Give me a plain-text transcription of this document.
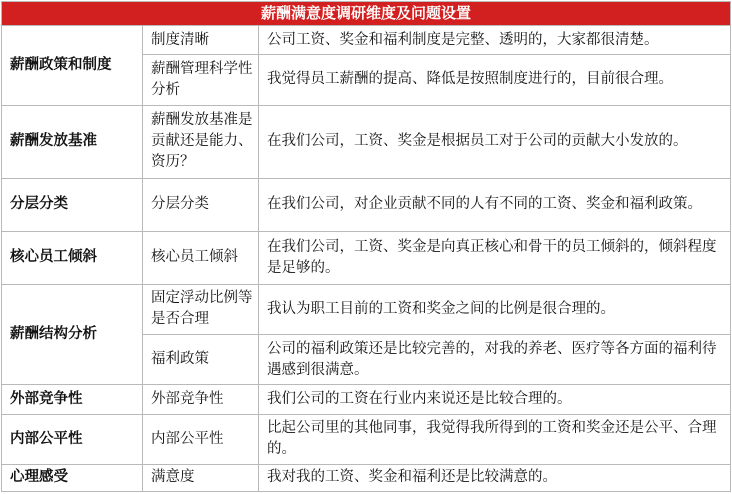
薪酬满意度调研维度及问题设置		
薪酬政策和制度	制度清晰	公司工资、奖金和福利制度是完整、透明的，大家都很清楚。
	薪酬管理科学性分析	我觉得员工薪酬的提高、降低是按照制度进行的，目前很合理。
薪酬发放基准	薪酬发放基准是贡献还是能力、资历？	在我们公司，工资、奖金是根据员工对于公司的贡献大小发放的。
分层分类	分层分类	在我们公司，对企业贡献不同的人有不同的工资、奖金和福利政策。
核心员工倾斜	核心员工倾斜	在我们公司，工资、奖金是向真正核心和骨干的员工倾斜的，倾斜程度是足够的。
薪酬结构分析	固定浮动比例等是否合理	我认为职工目前的工资和奖金之间的比例是很合理的。
	福利政策	公司的福利政策还是比较完善的，对我的养老、医疗等各方面的福利待遇感到很满意。
外部竞争性	外部竞争性	我们公司的工资在行业内来说还是比较合理的。
内部公平性	内部公平性	比起公司里的其他同事，我觉得我所得到的工资和奖金还是公平、合理的。
心理感受	满意度	我对我的工资、奖金和福利还是比较满意的。
